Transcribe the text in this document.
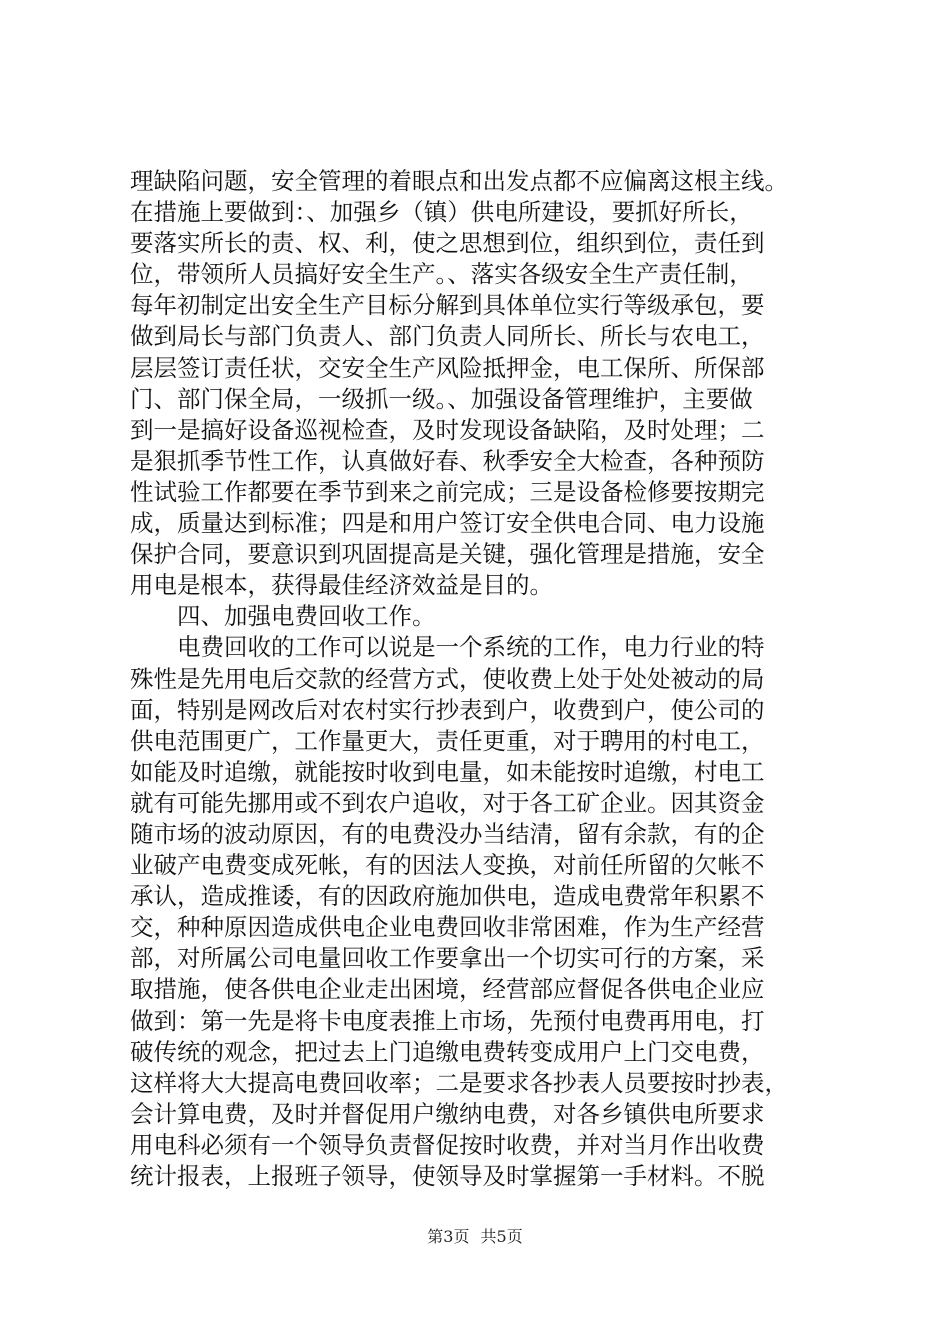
理缺陷问题，安全管理的着眼点和出发点都不应偏离这根主线。
在措施上要做到：、加强乡（镇）供电所建设，要抓好所长，
要落实所长的责、权、利，使之思想到位，组织到位，责任到
位，带领所人员搞好安全生产。、落实各级安全生产责任制，
每年初制定出安全生产目标分解到具体单位实行等级承包，要
做到局长与部门负责人、部门负责人同所长、所长与农电工，
层层签订责任状，交安全生产风险抵押金，电工保所、所保部
门、部门保全局，一级抓一级。、加强设备管理维护，主要做
到一是搞好设备巡视检查，及时发现设备缺陷，及时处理；二
是狠抓季节性工作，认真做好春、秋季安全大检查，各种预防
性试验工作都要在季节到来之前完成；三是设备检修要按期完
成，质量达到标准；四是和用户签订安全供电合同、电力设施
保护合同，要意识到巩固提高是关键，强化管理是措施，安全
用电是根本，获得最佳经济效益是目的。
四、加强电费回收工作。
电费回收的工作可以说是一个系统的工作，电力行业的特
殊性是先用电后交款的经营方式，使收费上处于处处被动的局
面，特别是网改后对农村实行抄表到户，收费到户，使公司的
供电范围更广，工作量更大，责任更重，对于聘用的村电工，
如能及时追缴，就能按时收到电量，如未能按时追缴，村电工
就有可能先挪用或不到农户追收，对于各工矿企业。因其资金
随市场的波动原因，有的电费没办当结清，留有余款，有的企
业破产电费变成死帐，有的因法人变换，对前任所留的欠帐不
承认，造成推诿，有的因政府施加供电，造成电费常年积累不
交，种种原因造成供电企业电费回收非常困难，作为生产经营
部，对所属公司电量回收工作要拿出一个切实可行的方案，采
取措施，使各供电企业走出困境，经营部应督促各供电企业应
做到：第一先是将卡电度表推上市场，先预付电费再用电，打
破传统的观念，把过去上门追缴电费转变成用户上门交电费，
这样将大大提高电费回收率；二是要求各抄表人员要按时抄表，
会计算电费，及时并督促用户缴纳电费，对各乡镇供电所要求
用电科必须有一个领导负责督促按时收费，并对当月作出收费
统计报表，上报班子领导，使领导及时掌握第一手材料。不脱
第3页 共5页
